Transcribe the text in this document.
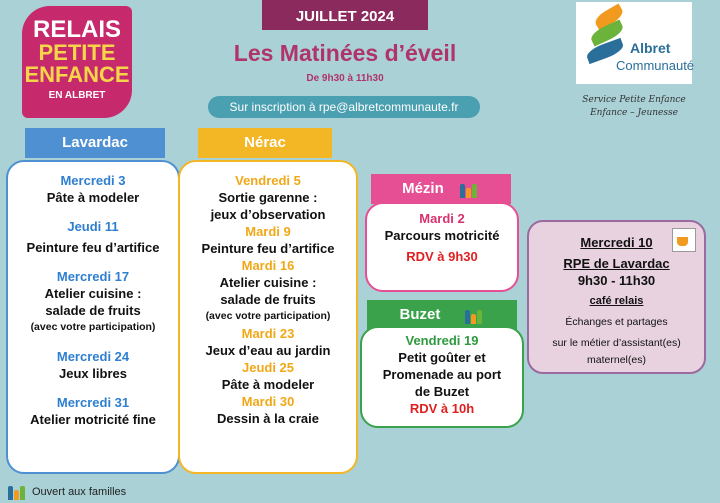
RELAIS
PETITE
ENFANCE
EN ALBRET
JUILLET 2024
Les Matinées d’éveil
De 9h30 à 11h30
Sur inscription à rpe@albretcommunaute.fr
Albret
Communauté
Service Petite Enfance
Enfance – Jeunesse
Lavardac
Mercredi 3
Pâte à modeler
Jeudi 11
Peinture feu d’artifice
Mercredi 17
Atelier cuisine :
salade de fruits
(avec votre participation)
Mercredi 24
Jeux libres
Mercredi 31
Atelier motricité fine
Nérac
Vendredi 5
Sortie garenne :
jeux d’observation
Mardi 9
Peinture feu d’artifice
Mardi 16
Atelier cuisine :
salade de fruits
(avec votre participation)
Mardi 23
Jeux d’eau au jardin
Jeudi 25
Pâte à modeler
Mardi 30
Dessin à la craie
Mézin
Mardi 2
Parcours motricité
RDV à 9h30
Buzet
Vendredi 19
Petit goûter et
Promenade au port
de Buzet
RDV à 10h
Mercredi 10
RPE de Lavardac
9h30 - 11h30
café relais
Échanges et partages
sur le métier d’assistant(es)
maternel(es)
Ouvert aux familles
